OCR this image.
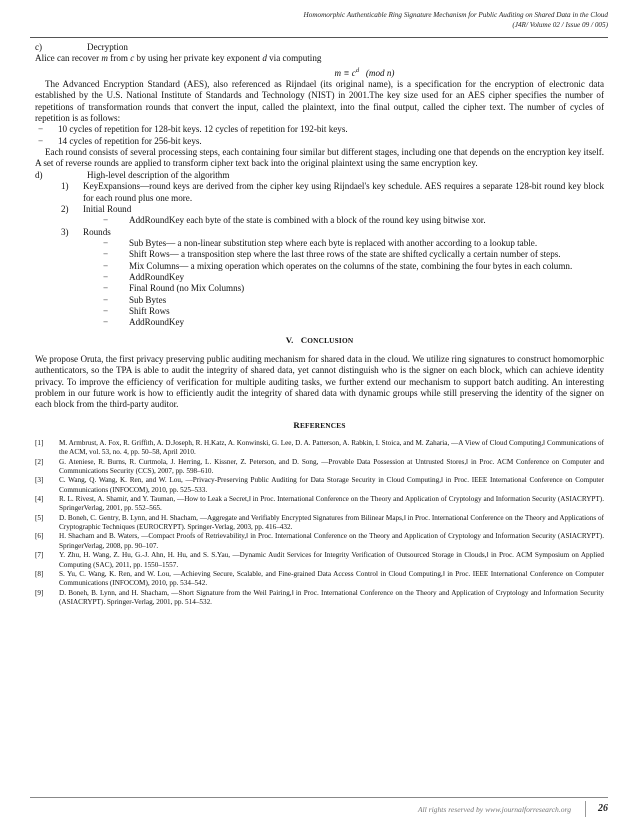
Homomorphic Authenticable Ring Signature Mechanism for Public Auditing on Shared Data in the Cloud
(J4R/ Volume 02 / Issue 09 / 005)
c)	Decryption

Alice can recover m from c by using her private key exponent d via computing

$m \equiv c^d$ (mod n)

The Advanced Encryption Standard (AES), also referenced as Rijndael (its original name), is a specification for the encryption of electronic data established by the U.S. National Institute of Standards and Technology (NIST) in 2001.The key size used for an AES cipher specifies the number of repetitions of transformation rounds that convert the input, called the plaintext, into the final output, called the cipher text. The number of cycles of repetition is as follows:

−	10 cycles of repetition for 128-bit keys. 12 cycles of repetition for 192-bit keys.
−	14 cycles of repetition for 256-bit keys.

Each round consists of several processing steps, each containing four similar but different stages, including one that depends on the encryption key itself. A set of reverse rounds are applied to transform cipher text back into the original plaintext using the same encryption key.

d)	High-level description of the algorithm
1)	KeyExpansions—round keys are derived from the cipher key using Rijndael's key schedule. AES requires a separate 128-bit round key block for each round plus one more.
2)	Initial Round
−	AddRoundKey each byte of the state is combined with a block of the round key using bitwise xor.
3)	Rounds
−	Sub Bytes— a non-linear substitution step where each byte is replaced with another according to a lookup table.
−	Shift Rows— a transposition step where the last three rows of the state are shifted cyclically a certain number of steps.
−	Mix Columns— a mixing operation which operates on the columns of the state, combining the four bytes in each column.
−	AddRoundKey
−	Final Round (no Mix Columns)
−	Sub Bytes
−	Shift Rows
−	AddRoundKey
V. CONCLUSION

We propose Oruta, the first privacy preserving public auditing mechanism for shared data in the cloud. We utilize ring signatures to construct homomorphic authenticators, so the TPA is able to audit the integrity of shared data, yet cannot distinguish who is the signer on each block, which can achieve identity privacy. To improve the efficiency of verification for multiple auditing tasks, we further extend our mechanism to support batch auditing. An interesting problem in our future work is how to efficiently audit the integrity of shared data with dynamic groups while still preserving the identity of the signer on each block from the third-party auditor.

REFERENCES
[1]	M. Armbrust, A. Fox, R. Griffith, A. D.Joseph, R. H.Katz, A. Konwinski, G. Lee, D. A. Patterson, A. Rabkin, I. Stoica, and M. Zaharia, ―A View of Cloud Computing,‖ Communications of the ACM, vol. 53, no. 4, pp. 50–58, April 2010.
[2]	G. Ateniese, R. Burns, R. Curtmola, J. Herring, L. Kissner, Z. Peterson, and D. Song, ―Provable Data Possession at Untrusted Stores,‖ in Proc. ACM Conference on Computer and Communications Security (CCS), 2007, pp. 598–610.
[3]	C. Wang, Q. Wang, K. Ren, and W. Lou, ―Privacy-Preserving Public Auditing for Data Storage Security in Cloud Computing,‖ in Proc. IEEE International Conference on Computer Communications (INFOCOM), 2010, pp. 525–533.
[4]	R. L. Rivest, A. Shamir, and Y. Tauman, ―How to Leak a Secret,‖ in Proc. International Conference on the Theory and Application of Cryptology and Information Security (ASIACRYPT). SpringerVerlag, 2001, pp. 552–565.
[5]	D. Boneh, C. Gentry, B. Lynn, and H. Shacham, ―Aggregate and Verifiably Encrypted Signatures from Bilinear Maps,‖ in Proc. International Conference on the Theory and Applications of Cryptographic Techniques (EUROCRYPT). Springer-Verlag, 2003, pp. 416–432.
[6]	H. Shacham and B. Waters, ―Compact Proofs of Retrievability,‖ in Proc. International Conference on the Theory and Application of Cryptology and Information Security (ASIACRYPT). SpringerVerlag, 2008, pp. 90–107.
[7]	Y. Zhu, H. Wang, Z. Hu, G.-J. Ahn, H. Hu, and S. S.Yau, ―Dynamic Audit Services for Integrity Verification of Outsourced Storage in Clouds,‖ in Proc. ACM Symposium on Applied Computing (SAC), 2011, pp. 1550–1557.
[8]	S. Yu, C. Wang, K. Ren, and W. Lou, ―Achieving Secure, Scalable, and Fine-grained Data Access Control in Cloud Computing,‖ in Proc. IEEE International Conference on Computer Communications (INFOCOM), 2010, pp. 534–542.
[9]	D. Boneh, B. Lynn, and H. Shacham, ―Short Signature from the Weil Pairing,‖ in Proc. International Conference on the Theory and Application of Cryptology and Information Security (ASIACRYPT). Springer-Verlag, 2001, pp. 514–532.
All rights reserved by www.journalforresearch.org	26
